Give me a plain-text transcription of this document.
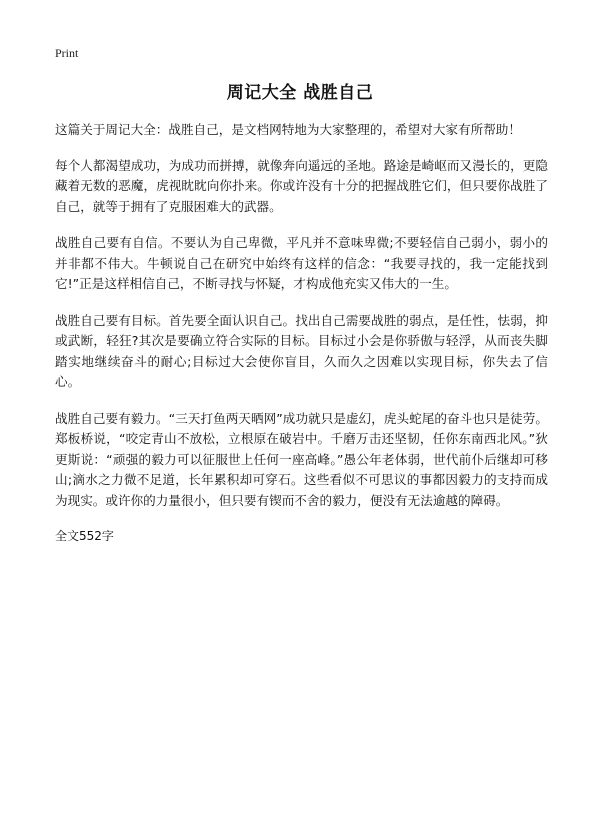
Print
周记大全 战胜自己

这篇关于周记大全：战胜自己，是文档网特地为大家整理的，希望对大家有所帮助！

每个人都渴望成功，为成功而拼搏，就像奔向遥远的圣地。路途是崎岖而又漫长的，更隐藏着无数的恶魔，虎视眈眈向你扑来。你或许没有十分的把握战胜它们，但只要你战胜了自己，就等于拥有了克服困难大的武器。

战胜自己要有自信。不要认为自己卑微，平凡并不意味卑微;不要轻信自己弱小，弱小的并非都不伟大。牛顿说自己在研究中始终有这样的信念：“我要寻找的，我一定能找到它!”正是这样相信自己，不断寻找与怀疑，才构成他充实又伟大的一生。

战胜自己要有目标。首先要全面认识自己。找出自己需要战胜的弱点，是任性，怯弱，抑或武断，轻狂?其次是要确立符合实际的目标。目标过小会是你骄傲与轻浮，从而丧失脚踏实地继续奋斗的耐心;目标过大会使你盲目，久而久之因难以实现目标，你失去了信心。

战胜自己要有毅力。“三天打鱼两天晒网”成功就只是虚幻，虎头蛇尾的奋斗也只是徒劳。郑板桥说，“咬定青山不放松，立根原在破岩中。千磨万击还坚韧，任你东南西北风。”狄更斯说：“顽强的毅力可以征服世上任何一座高峰。”愚公年老体弱，世代前仆后继却可移山;滴水之力微不足道，长年累积却可穿石。这些看似不可思议的事都因毅力的支持而成为现实。或许你的力量很小，但只要有锲而不舍的毅力，便没有无法逾越的障碍。

全文552字
